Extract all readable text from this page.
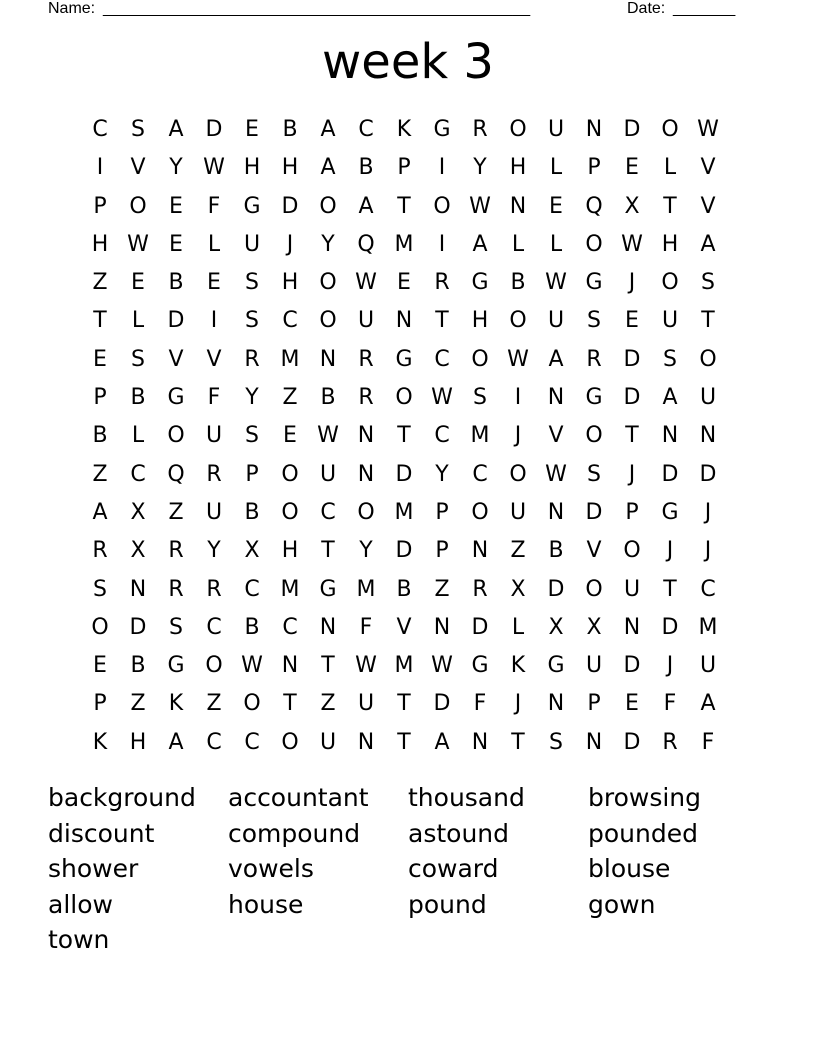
Name: ________________________________________________	Date: _______
week 3
C	S	A D	E	B	A	C	K	G R O U N D O W
I	V	Y W H H	A	B	P	I	Y	H	L	P	E	L	V
P	O	E	F	G D O A	T	O W N	E	Q X	T	V
H W E	L	U	J	Y	Q M	I	A	L	L	O W H	A
Z	E	B	E	S	H O W E	R G B W G	J	O	S
T	L	D	I	S	C O U N	T	H O U	S	E	U	T
E	S	V	V	R M N	R G C O W A	R D	S	O
P	B G	F	Y	Z	B	R O W S	I	N G D	A	U
B	L	O U	S	E W N	T	C M	J	V O	T	N N
Z	C Q R	P	O U N D	Y	C O W S	J	D D
A	X	Z	U	B O C O M P	O U N D	P	G	J
R	X	R	Y	X	H	T	Y	D	P	N	Z	B	V O	J	J
S	N	R	R	C M G M B	Z	R	X D O U	T	C
O D	S	C	B	C	N	F	V	N D	L	X	X	N D M
E	B G O W N	T W M W G	K	G U D	J	U
P	Z	K	Z O	T	Z	U	T	D	F	J	N	P	E	F	A
K	H	A	C	C O U N	T	A	N	T	S	N D R	F
background	accountant	thousand	browsing
discount	compound	astound	pounded
shower	vowels	coward	blouse
allow	house	pound	gown
town
